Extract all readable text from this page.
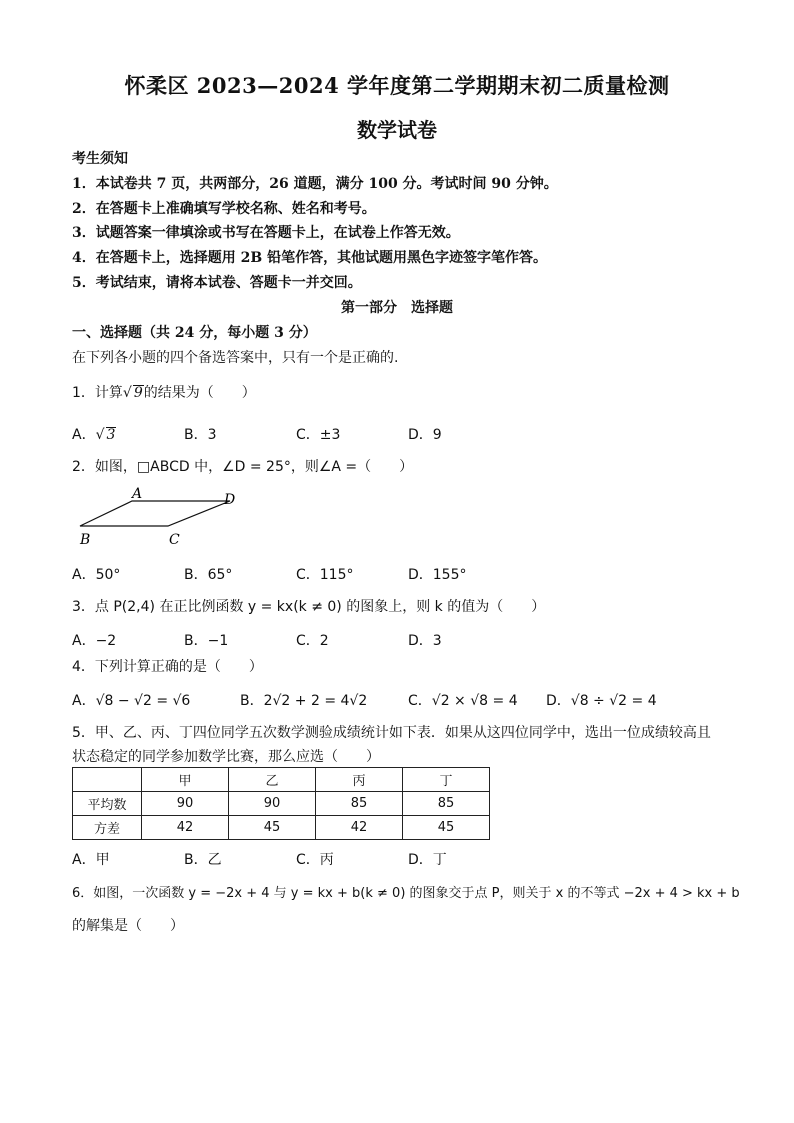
怀柔区 2023—2024 学年度第二学期期末初二质量检测
数学试卷
考生须知
1．本试卷共 7 页，共两部分，26 道题，满分 100 分。考试时间 90 分钟。
2．在答题卡上准确填写学校名称、姓名和考号。
3．试题答案一律填涂或书写在答题卡上，在试卷上作答无效。
4．在答题卡上，选择题用 2B 铅笔作答，其他试题用黑色字迹签字笔作答。
5．考试结束，请将本试卷、答题卡一并交回。
第一部分　选择题
一、选择题（共 24 分，每小题 3 分）
在下列各小题的四个备选答案中，只有一个是正确的.
1．计算√ 9的结果为（　　）
A．√ 3	B．3	C．±3	D．9
2．如图，□ABCD 中，∠D = 25°，则∠A =（　　）
A	D
B	C
A．50°	B．65°	C．115°	D．155°
3．点 P(2,4) 在正比例函数 y = kx(k ≠ 0) 的图象上，则 k 的值为（　　）
A．−2	B．−1	C．2	D．3
4．下列计算正确的是（　　）
A．√8 − √2 = √6	B．2√2 + 2 = 4√2	C．√2 × √8 = 4 D．√8 ÷ √2 = 4
5．甲、乙、丙、丁四位同学五次数学测验成绩统计如下表．如果从这四位同学中，选出一位成绩较高且
状态稳定的同学参加数学比赛，那么应选（　　）
	甲	乙	丙	丁
平均数	90	90	85	85
方差	42	45	42	45
A．甲	B．乙	C．丙	D．丁
6．如图，一次函数 y = −2x + 4 与 y = kx + b(k ≠ 0) 的图象交于点 P，则关于 x 的不等式 −2x + 4 > kx + b
的解集是（　　）
